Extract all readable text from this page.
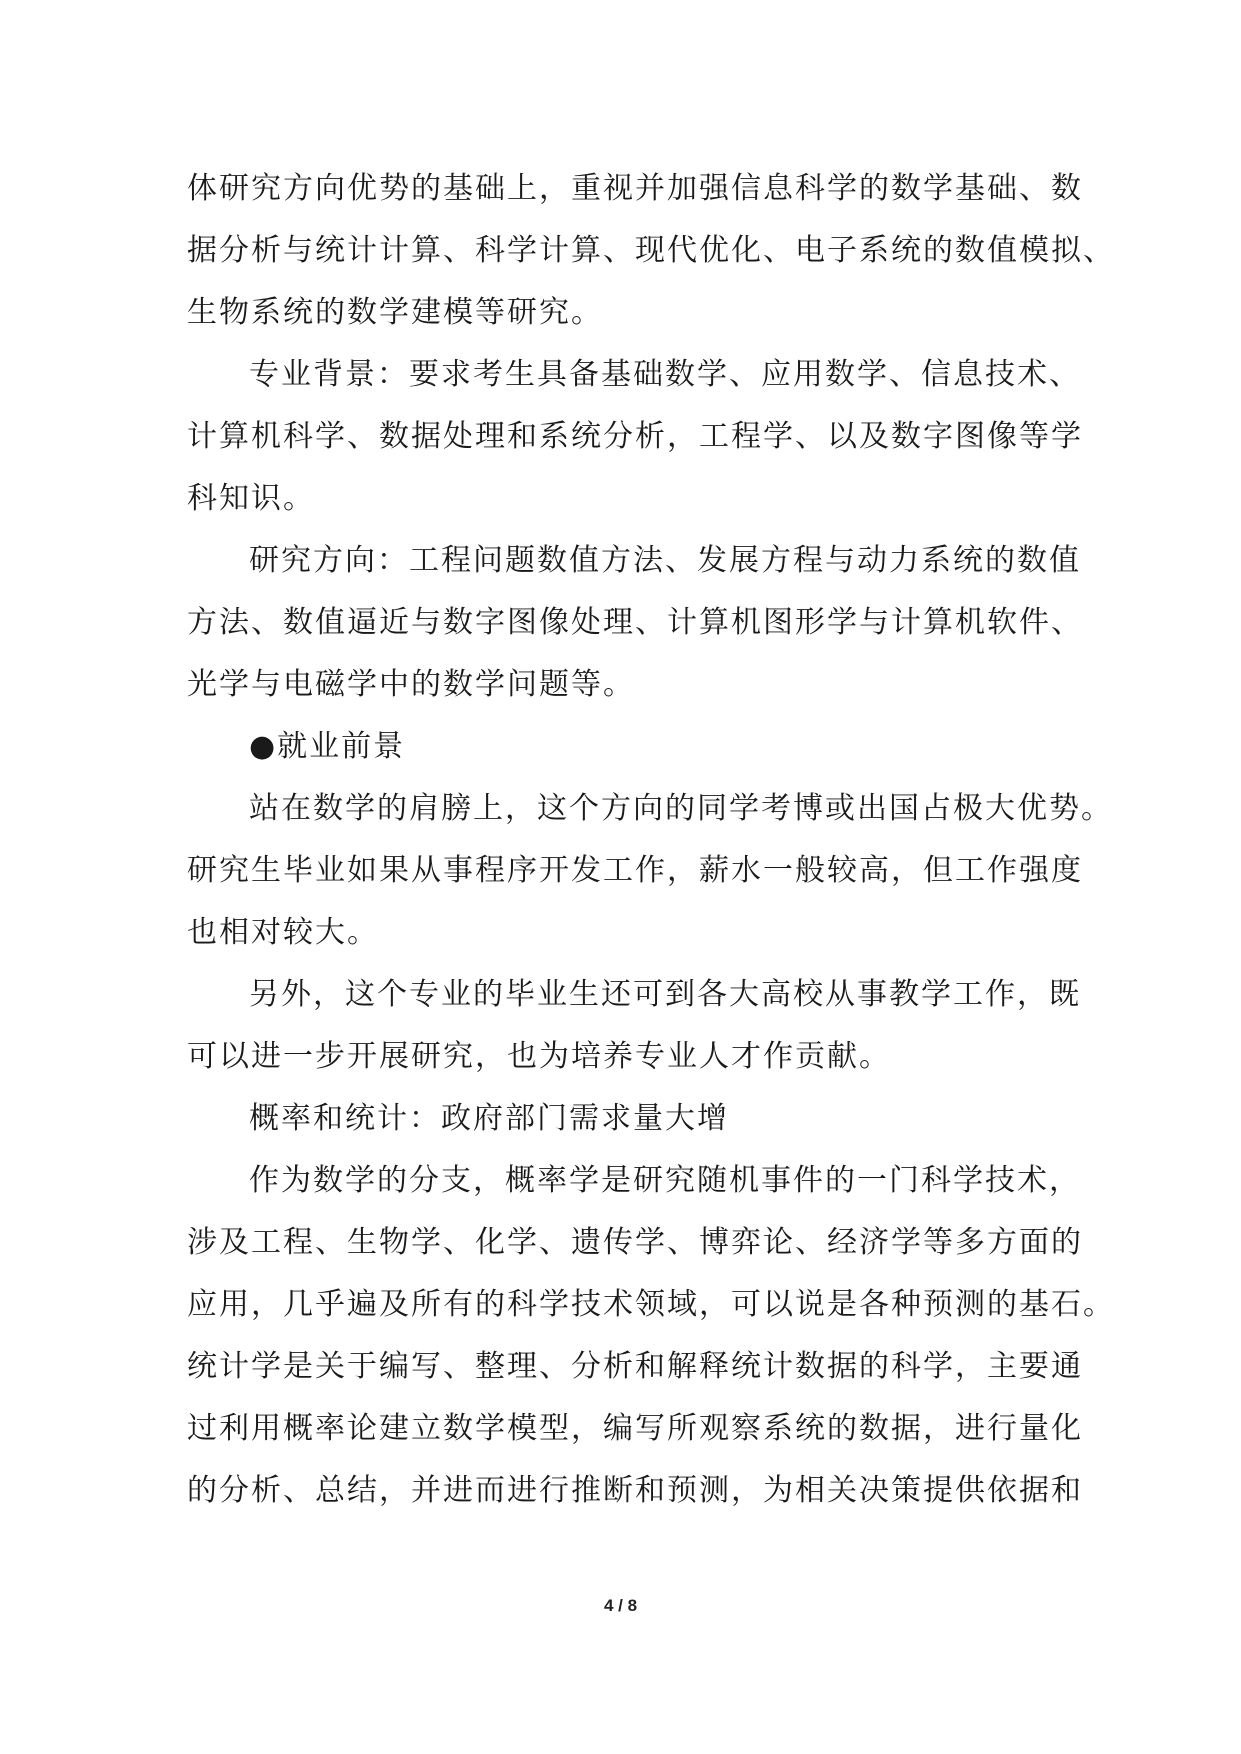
体研究方向优势的基础上，重视并加强信息科学的数学基础、数
据分析与统计计算、科学计算、现代优化、电子系统的数值模拟、
生物系统的数学建模等研究。
专业背景：要求考生具备基础数学、应用数学、信息技术、
计算机科学、数据处理和系统分析，工程学、以及数字图像等学
科知识。
研究方向：工程问题数值方法、发展方程与动力系统的数值
方法、数值逼近与数字图像处理、计算机图形学与计算机软件、
光学与电磁学中的数学问题等。
●就业前景
站在数学的肩膀上，这个方向的同学考博或出国占极大优势。
研究生毕业如果从事程序开发工作，薪水一般较高，但工作强度
也相对较大。
另外，这个专业的毕业生还可到各大高校从事教学工作，既
可以进一步开展研究，也为培养专业人才作贡献。
概率和统计：政府部门需求量大增
作为数学的分支，概率学是研究随机事件的一门科学技术，
涉及工程、生物学、化学、遗传学、博弈论、经济学等多方面的
应用，几乎遍及所有的科学技术领域，可以说是各种预测的基石。
统计学是关于编写、整理、分析和解释统计数据的科学，主要通
过利用概率论建立数学模型，编写所观察系统的数据，进行量化
的分析、总结，并进而进行推断和预测，为相关决策提供依据和
4 / 8
